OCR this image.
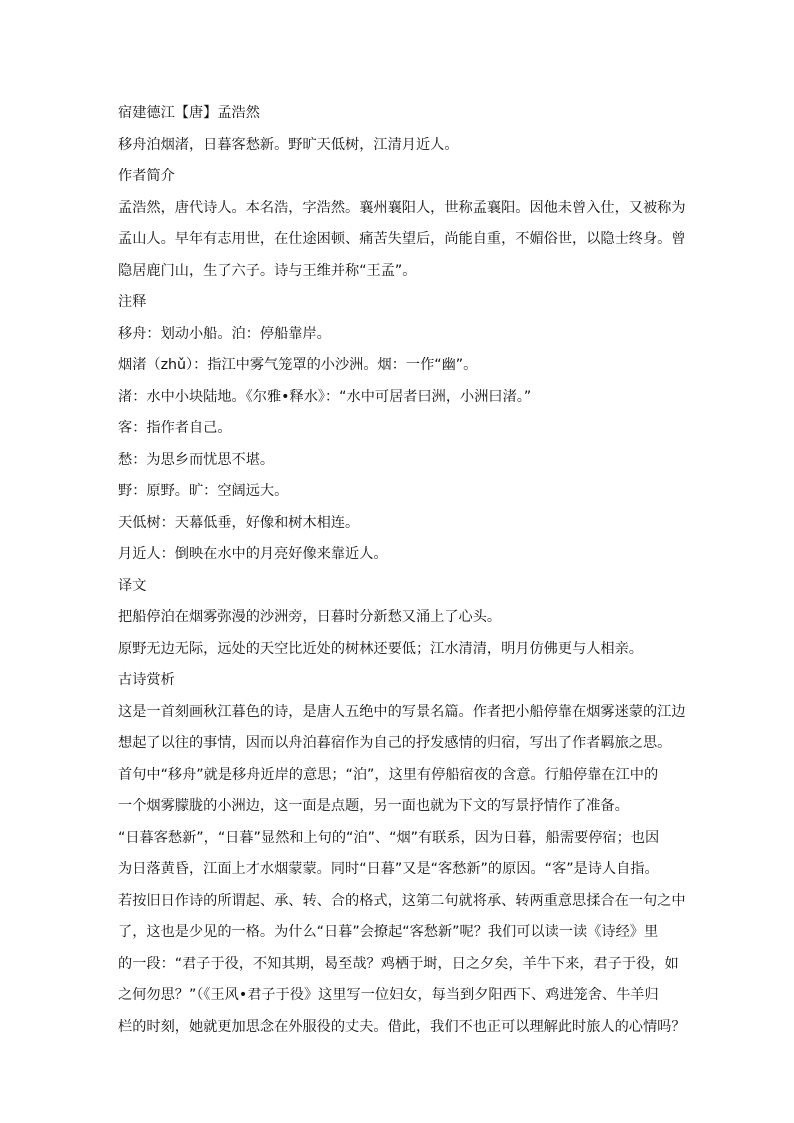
宿建德江【唐】孟浩然

移舟泊烟渚，日暮客愁新。野旷天低树，江清月近人。

作者简介

孟浩然，唐代诗人。本名浩，字浩然。襄州襄阳人，世称孟襄阳。因他未曾入仕，又被称为

孟山人。早年有志用世，在仕途困顿、痛苦失望后，尚能自重，不媚俗世，以隐士终身。曾

隐居鹿门山，生了六子。诗与王维并称“王孟”。

注释

移舟：划动小船。泊：停船靠岸。

烟渚（zhǔ）：指江中雾气笼罩的小沙洲。烟：一作“幽”。

渚：水中小块陆地。《尔雅•释水》：“水中可居者曰洲，小洲曰渚。”

客：指作者自己。

愁：为思乡而忧思不堪。

野：原野。旷：空阔远大。

天低树：天幕低垂，好像和树木相连。

月近人：倒映在水中的月亮好像来靠近人。

译文

把船停泊在烟雾弥漫的沙洲旁，日暮时分新愁又涌上了心头。

原野无边无际，远处的天空比近处的树林还要低；江水清清，明月仿佛更与人相亲。

古诗赏析

这是一首刻画秋江暮色的诗，是唐人五绝中的写景名篇。作者把小船停靠在烟雾迷蒙的江边

想起了以往的事情，因而以舟泊暮宿作为自己的抒发感情的归宿，写出了作者羁旅之思。

首句中“移舟”就是移舟近岸的意思；“泊”，这里有停船宿夜的含意。行船停靠在江中的

一个烟雾朦胧的小洲边，这一面是点题，另一面也就为下文的写景抒情作了准备。

“日暮客愁新”，“日暮”显然和上句的“泊”、“烟”有联系，因为日暮，船需要停宿；也因

为日落黄昏，江面上才水烟蒙蒙。同时“日暮”又是“客愁新”的原因。“客”是诗人自指。

若按旧日作诗的所谓起、承、转、合的格式，这第二句就将承、转两重意思揉合在一句之中

了，这也是少见的一格。为什么“日暮”会撩起“客愁新”呢？我们可以读一读《诗经》里

的一段：“君子于役，不知其期，曷至哉？鸡栖于埘，日之夕矣，羊牛下来，君子于役，如

之何勿思？”（《王风•君子于役》这里写一位妇女，每当到夕阳西下、鸡进笼舍、牛羊归

栏的时刻，她就更加思念在外服役的丈夫。借此，我们不也正可以理解此时旅人的心情吗？
